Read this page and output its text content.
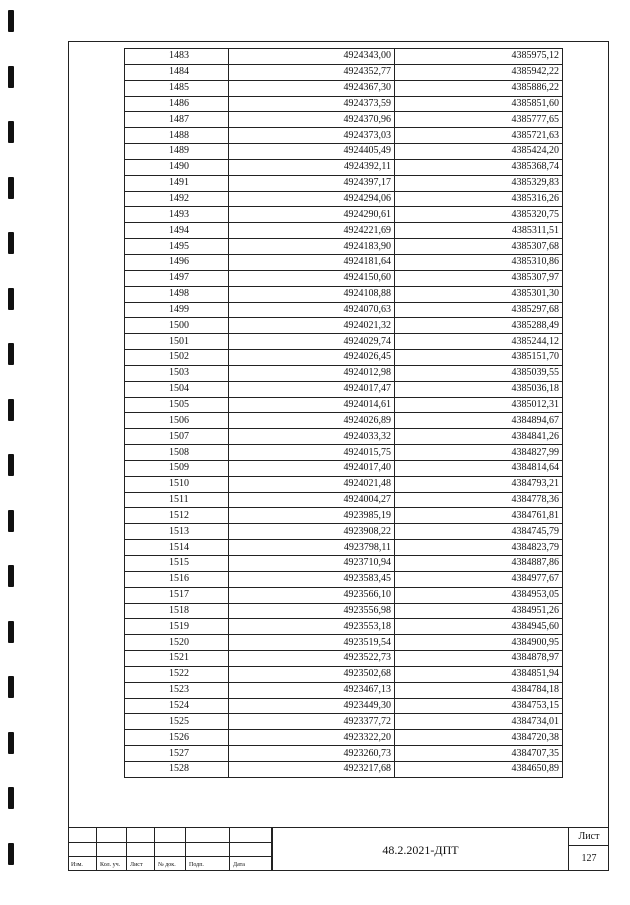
1483	4924343,00	4385975,12
1484	4924352,77	4385942,22
1485	4924367,30	4385886,22
1486	4924373,59	4385851,60
1487	4924370,96	4385777,65
1488	4924373,03	4385721,63
1489	4924405,49	4385424,20
1490	4924392,11	4385368,74
1491	4924397,17	4385329,83
1492	4924294,06	4385316,26
1493	4924290,61	4385320,75
1494	4924221,69	4385311,51
1495	4924183,90	4385307,68
1496	4924181,64	4385310,86
1497	4924150,60	4385307,97
1498	4924108,88	4385301,30
1499	4924070,63	4385297,68
1500	4924021,32	4385288,49
1501	4924029,74	4385244,12
1502	4924026,45	4385151,70
1503	4924012,98	4385039,55
1504	4924017,47	4385036,18
1505	4924014,61	4385012,31
1506	4924026,89	4384894,67
1507	4924033,32	4384841,26
1508	4924015,75	4384827,99
1509	4924017,40	4384814,64
1510	4924021,48	4384793,21
1511	4924004,27	4384778,36
1512	4923985,19	4384761,81
1513	4923908,22	4384745,79
1514	4923798,11	4384823,79
1515	4923710,94	4384887,86
1516	4923583,45	4384977,67
1517	4923566,10	4384953,05
1518	4923556,98	4384951,26
1519	4923553,18	4384945,60
1520	4923519,54	4384900,95
1521	4923522,73	4384878,97
1522	4923502,68	4384851,94
1523	4923467,13	4384784,18
1524	4923449,30	4384753,15
1525	4923377,72	4384734,01
1526	4923322,20	4384720,38
1527	4923260,73	4384707,35
1528	4923217,68	4384650,89
Изм.	Кол. уч. Лист	№ док. Подп.	Дата
48.2.2021-ДПТ
Лист
127
